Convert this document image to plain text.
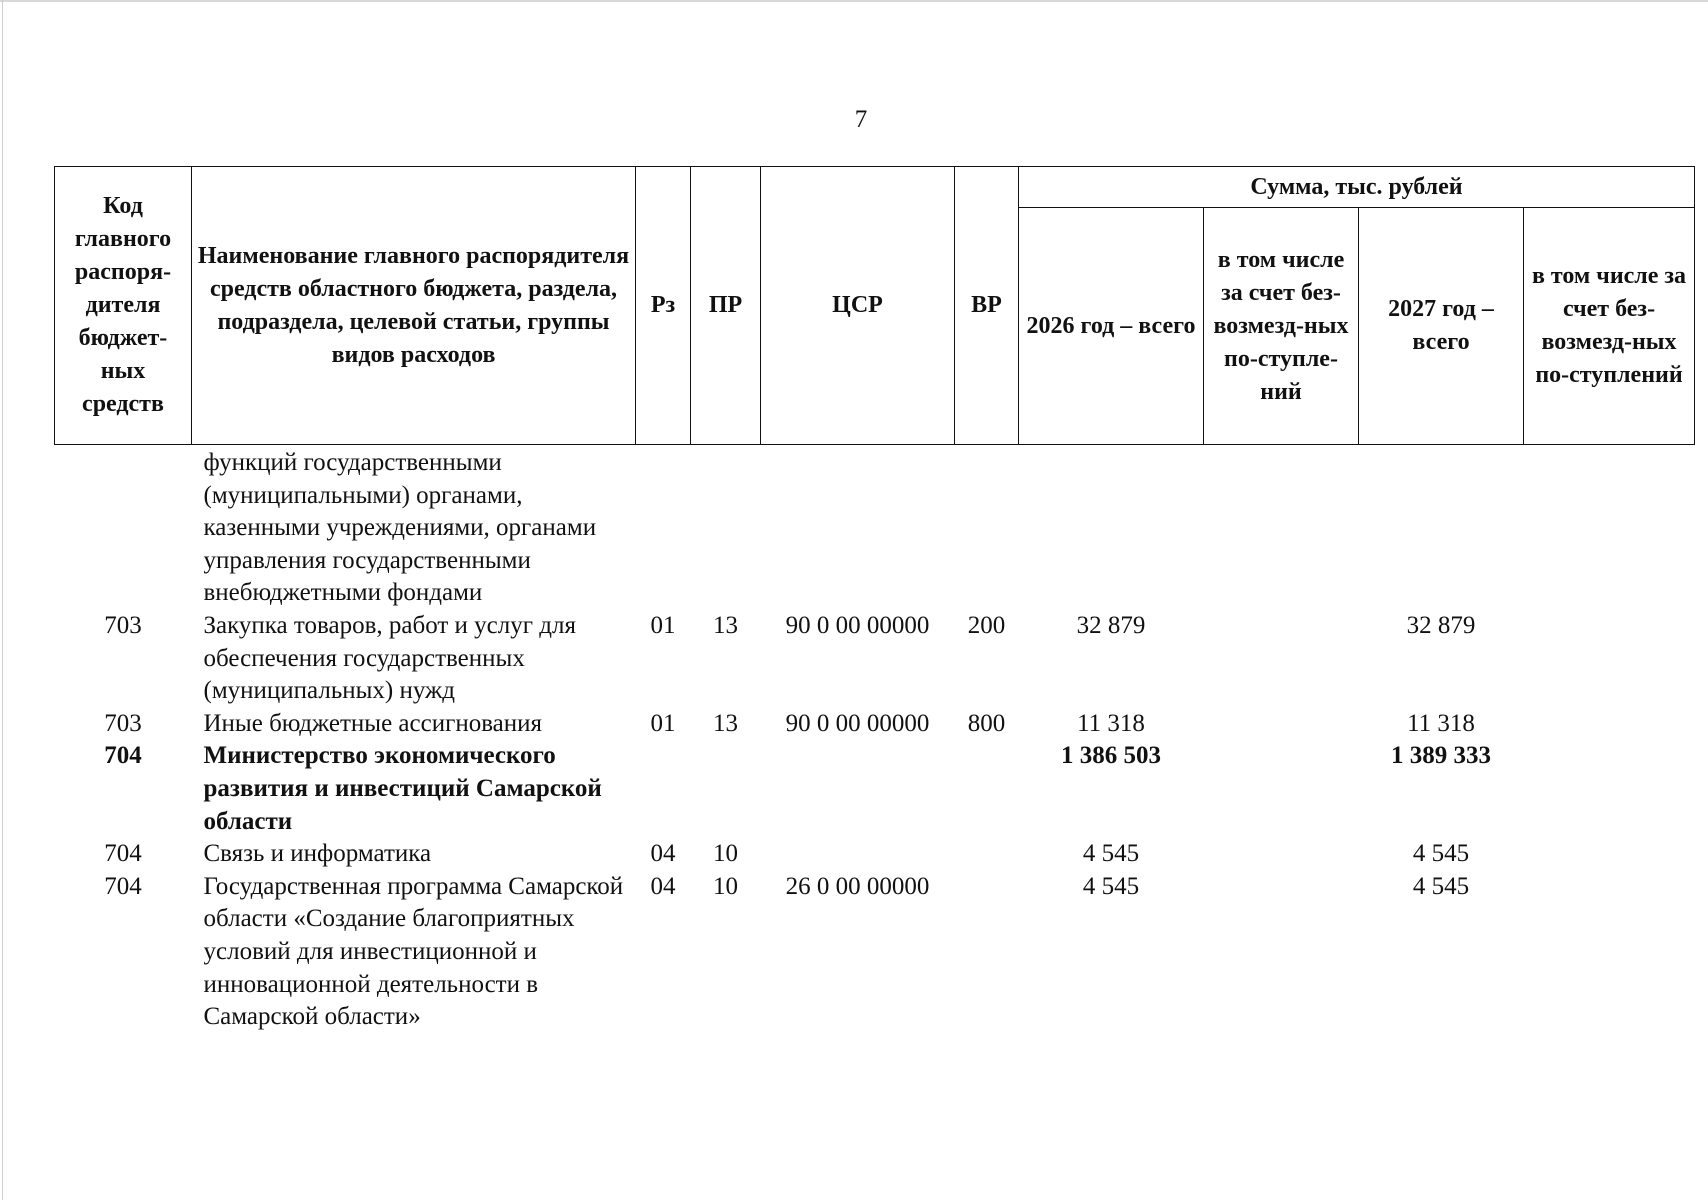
7
Код главного распоря-дителя бюджет-ных средств	Наименование главного распорядителя средств областного бюджета, раздела, подраздела, целевой статьи, группы видов расходов	Рз	ПР	ЦСР	ВР	Сумма, тыс. рублей			
						2026 год – всего	в том числе за счет без-возмезд-ных по-ступле-ний	2027 год – всего	в том числе за счет без-возмезд-ных по-ступлений
	функций государственными (муниципальными) органами, казенными учреждениями, органами управления государственными внебюджетными фондами								
703	Закупка товаров, работ и услуг для обеспечения государственных (муниципальных) нужд	01	13	90 0 00 00000	200	32 879		32 879	
703	Иные бюджетные ассигнования	01	13	90 0 00 00000	800	11 318		11 318	
704	Министерство экономического развития и инвестиций Самарской области					1 386 503		1 389 333	
704	Связь и информатика	04	10			4 545		4 545	
704	Государственная программа Самарской области «Создание благоприятных условий для инвестиционной и инновационной деятельности в Самарской области»	04	10	26 0 00 00000		4 545		4 545	
